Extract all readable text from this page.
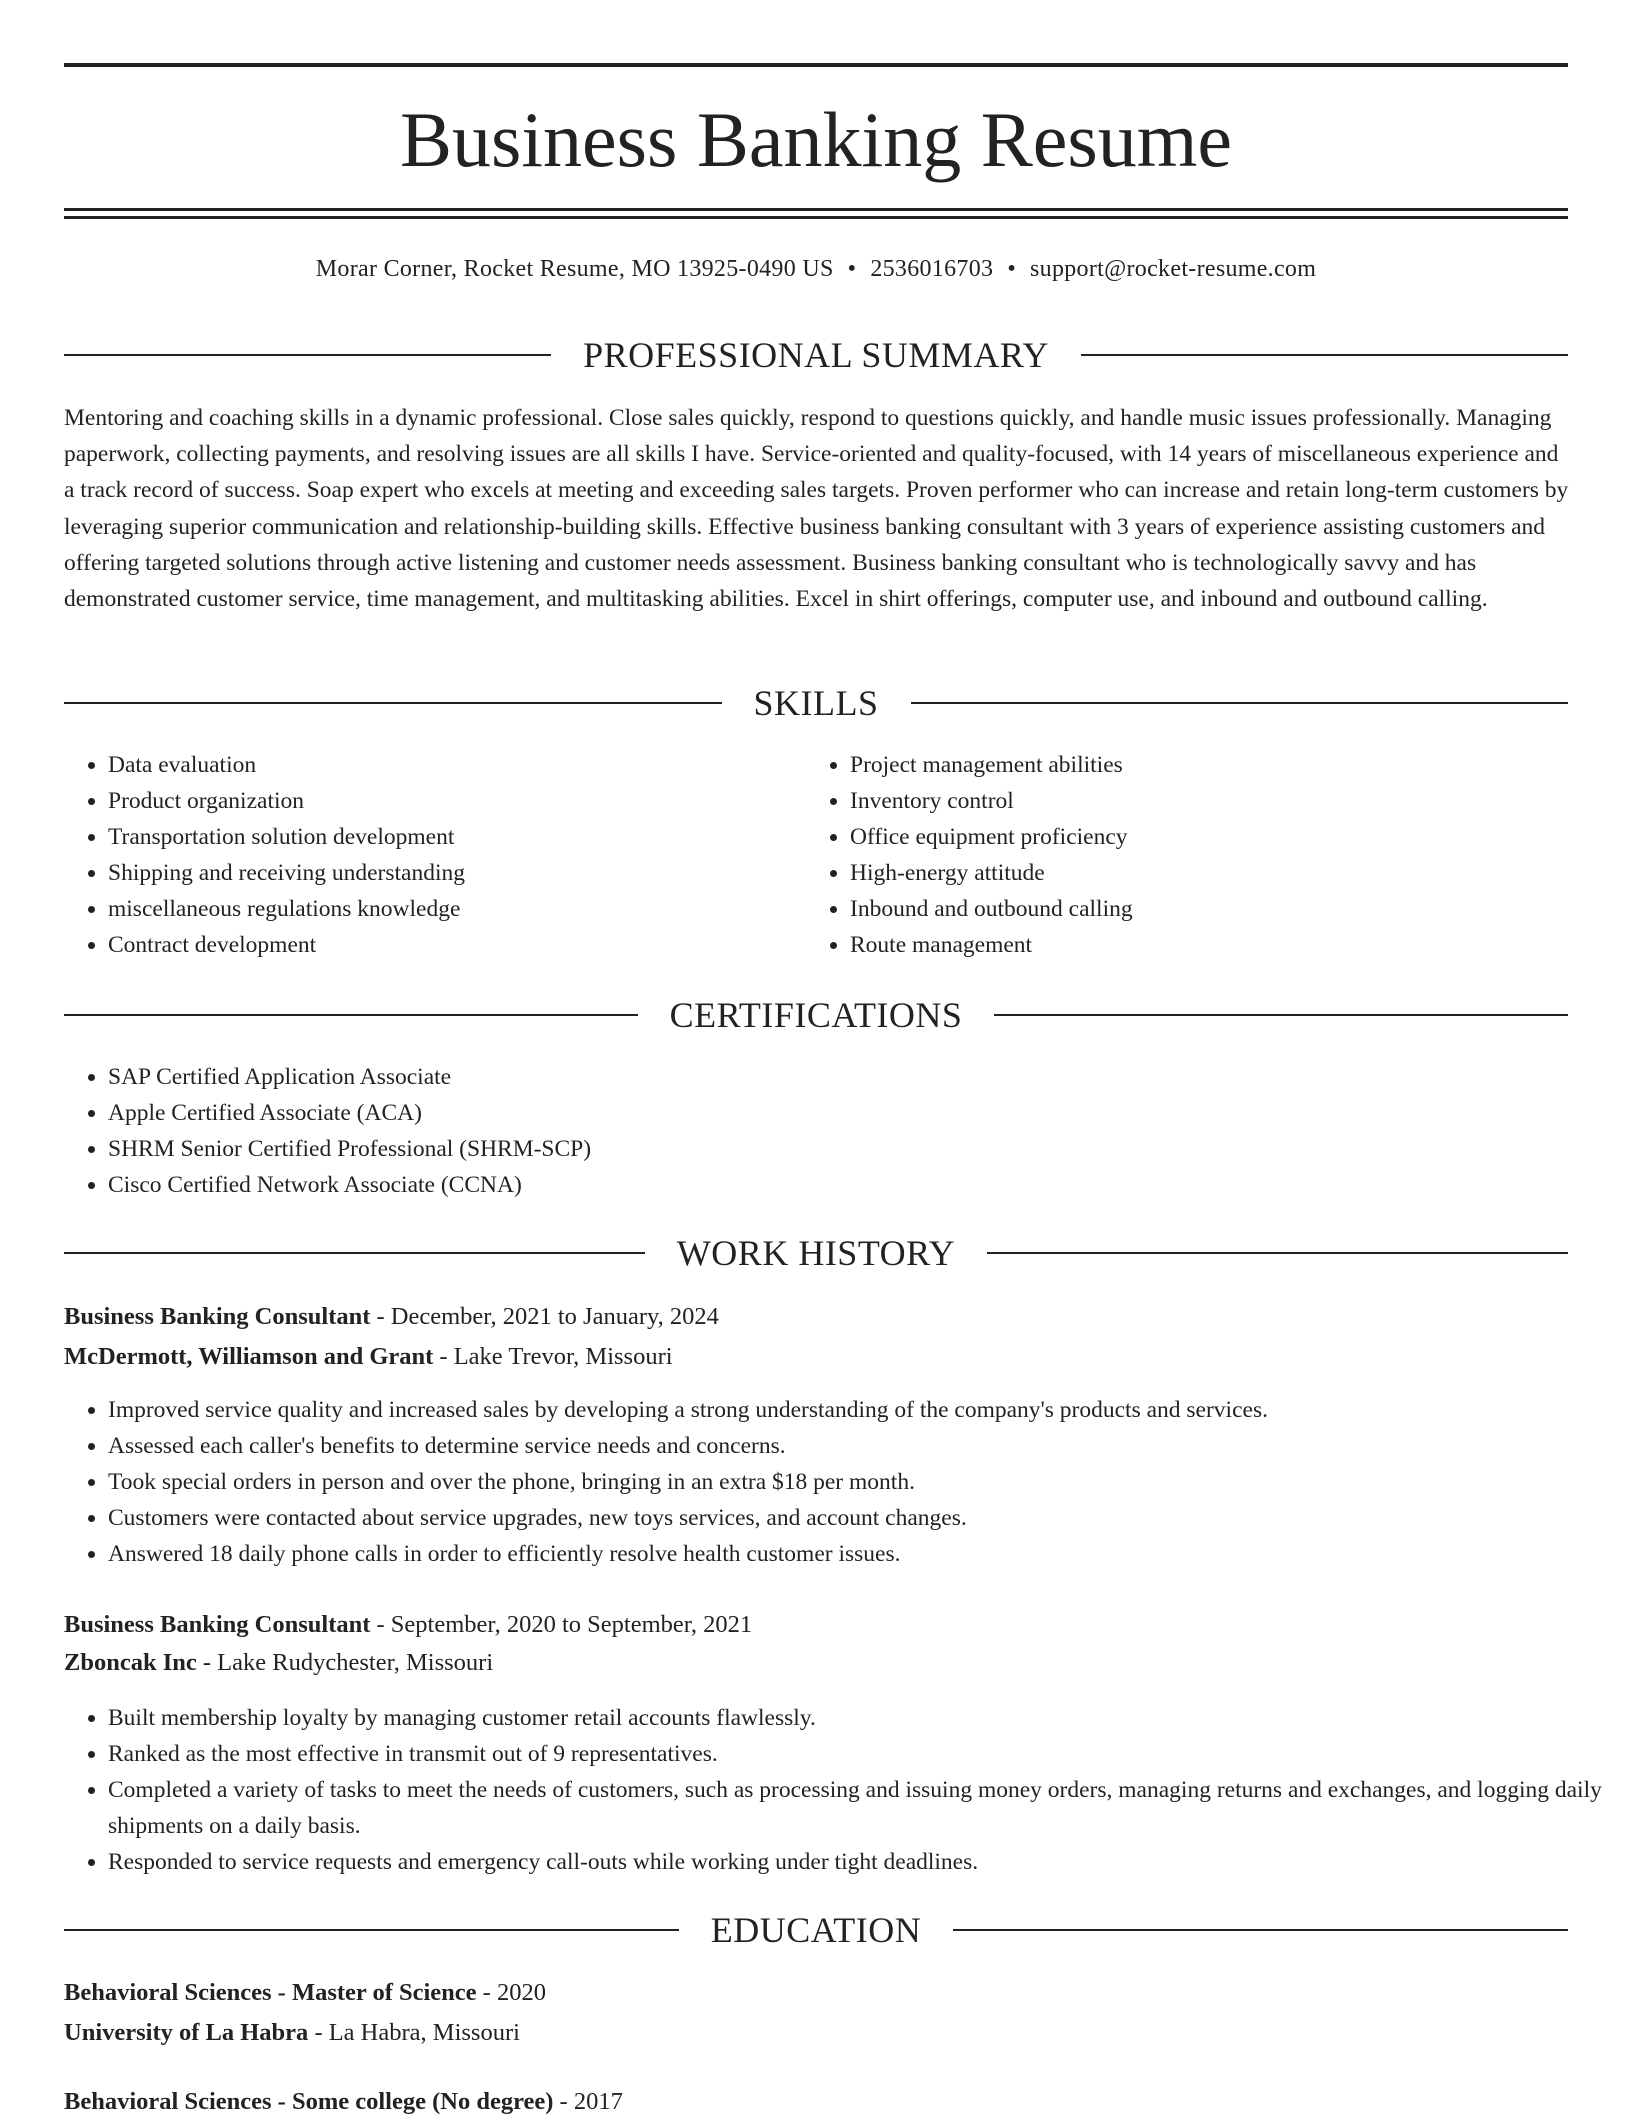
Business Banking Resume
Morar Corner, Rocket Resume, MO 13925-0490 US • 2536016703 • support@rocket-resume.com
PROFESSIONAL SUMMARY

Mentoring and coaching skills in a dynamic professional. Close sales quickly, respond to questions quickly, and handle music issues professionally. Managing paperwork, collecting payments, and resolving issues are all skills I have. Service-oriented and quality-focused, with 14 years of miscellaneous experience and a track record of success. Soap expert who excels at meeting and exceeding sales targets. Proven performer who can increase and retain long-term customers by leveraging superior communication and relationship-building skills. Effective business banking consultant with 3 years of experience assisting customers and offering targeted solutions through active listening and customer needs assessment. Business banking consultant who is technologically savvy and has demonstrated customer service, time management, and multitasking abilities. Excel in shirt offerings, computer use, and inbound and outbound calling.

SKILLS
• Data evaluation
• Product organization
• Transportation solution development
• Shipping and receiving understanding
• miscellaneous regulations knowledge
• Contract development
• Project management abilities
• Inventory control
• Office equipment proficiency
• High-energy attitude
• Inbound and outbound calling
• Route management
CERTIFICATIONS
• SAP Certified Application Associate
• Apple Certified Associate (ACA)
• SHRM Senior Certified Professional (SHRM-SCP)
• Cisco Certified Network Associate (CCNA)
WORK HISTORY
Business Banking Consultant - December, 2021 to January, 2024
McDermott, Williamson and Grant - Lake Trevor, Missouri
• Improved service quality and increased sales by developing a strong understanding of the company's products and services.
• Assessed each caller's benefits to determine service needs and concerns.
• Took special orders in person and over the phone, bringing in an extra $18 per month.
• Customers were contacted about service upgrades, new toys services, and account changes.
• Answered 18 daily phone calls in order to efficiently resolve health customer issues.
Business Banking Consultant - September, 2020 to September, 2021
Zboncak Inc - Lake Rudychester, Missouri
• Built membership loyalty by managing customer retail accounts flawlessly.
• Ranked as the most effective in transmit out of 9 representatives.
• Completed a variety of tasks to meet the needs of customers, such as processing and issuing money orders, managing returns and exchanges, and logging daily shipments on a daily basis.
• Responded to service requests and emergency call-outs while working under tight deadlines.
EDUCATION
Behavioral Sciences - Master of Science - 2020
University of La Habra - La Habra, Missouri
Behavioral Sciences - Some college (No degree) - 2017
